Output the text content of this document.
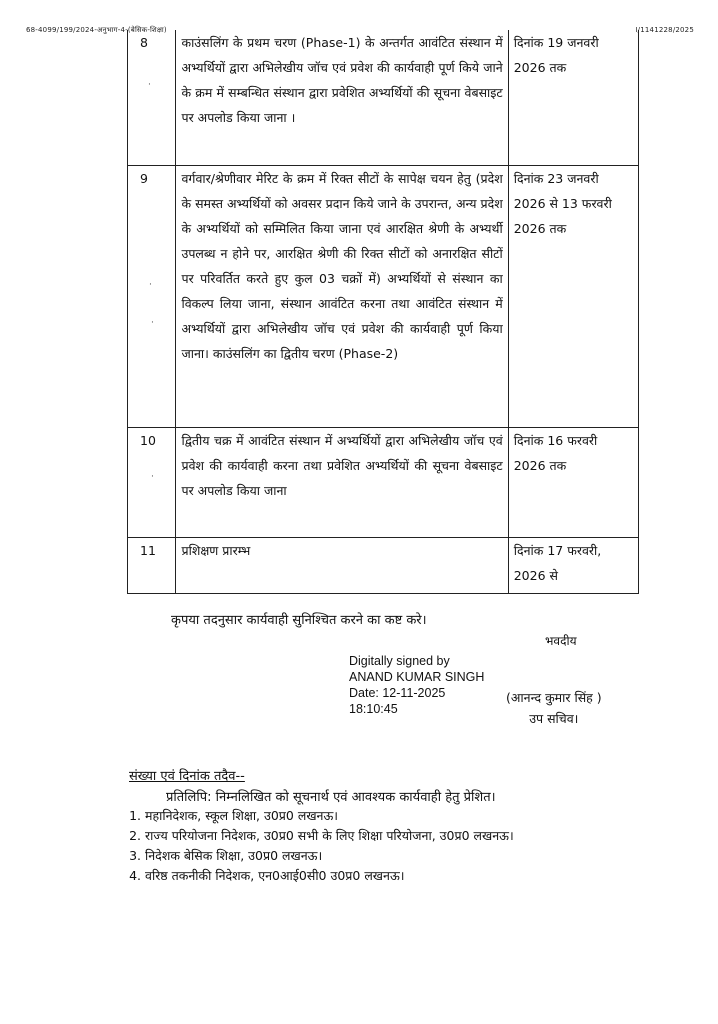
68-4099/199/2024-अनुभाग-4-(बेसिक-शिक्षा)	I/1141228/2025
8	काउंसलिंग के प्रथम चरण (Phase-1) के अन्तर्गत आवंटित संस्थान में अभ्यर्थियों द्वारा अभिलेखीय जॉच एवं प्रवेश की कार्यवाही पूर्ण किये जाने के क्रम में सम्बन्धित संस्थान द्वारा प्रवेशित अभ्यर्थियों की सूचना वेबसाइट पर अपलोड किया जाना ।	दिनांक 19 जनवरी 2026 तक
9	वर्गवार/श्रेणीवार मेरिट के क्रम में रिक्त सीटों के सापेक्ष चयन हेतु (प्रदेश के समस्त अभ्यर्थियों को अवसर प्रदान किये जाने के उपरान्त, अन्य प्रदेश के अभ्यर्थियों को सम्मिलित किया जाना एवं आरक्षित श्रेणी के अभ्यर्थी उपलब्ध न होने पर, आरक्षित श्रेणी की रिक्त सीटों को अनारक्षित सीटों पर परिवर्तित करते हुए कुल 03 चक्रों में) अभ्यर्थियों से संस्थान का विकल्प लिया जाना, संस्थान आवंटित करना तथा आवंटित संस्थान में अभ्यर्थियों द्वारा अभिलेखीय जॉच एवं प्रवेश की कार्यवाही पूर्ण किया जाना। काउंसलिंग का द्वितीय चरण (Phase-2)	दिनांक 23 जनवरी 2026 से 13 फरवरी 2026 तक
10	द्वितीय चक्र में आवंटित संस्थान में अभ्यर्थियों द्वारा अभिलेखीय जॉच एवं प्रवेश की कार्यवाही करना तथा प्रवेशित अभ्यर्थियों की सूचना वेबसाइट पर अपलोड किया जाना	दिनांक 16 फरवरी 2026 तक
11	प्रशिक्षण प्रारम्भ	दिनांक 17 फरवरी, 2026 से
·
·
·
·
कृपया तदनुसार कार्यवाही सुनिश्चित करने का कष्ट करे।
भवदीय
Digitally signed by
ANAND KUMAR SINGH
Date: 12-11-2025
18:10:45
(आनन्द कुमार सिंह )
उप सचिव।
संख्या एवं दिनांक तदैव--
प्रतिलिपि: निम्नलिखित को सूचनार्थ एवं आवश्यक कार्यवाही हेतु प्रेशित।
1. महानिदेशक, स्कूल शिक्षा, उ0प्र0 लखनऊ।
2. राज्य परियोजना निदेशक, उ0प्र0 सभी के लिए शिक्षा परियोजना, उ0प्र0 लखनऊ।
3. निदेशक बेसिक शिक्षा, उ0प्र0 लखनऊ।
4. वरिष्ठ तकनीकी निदेशक, एन0आई0सी0 उ0प्र0 लखनऊ।
